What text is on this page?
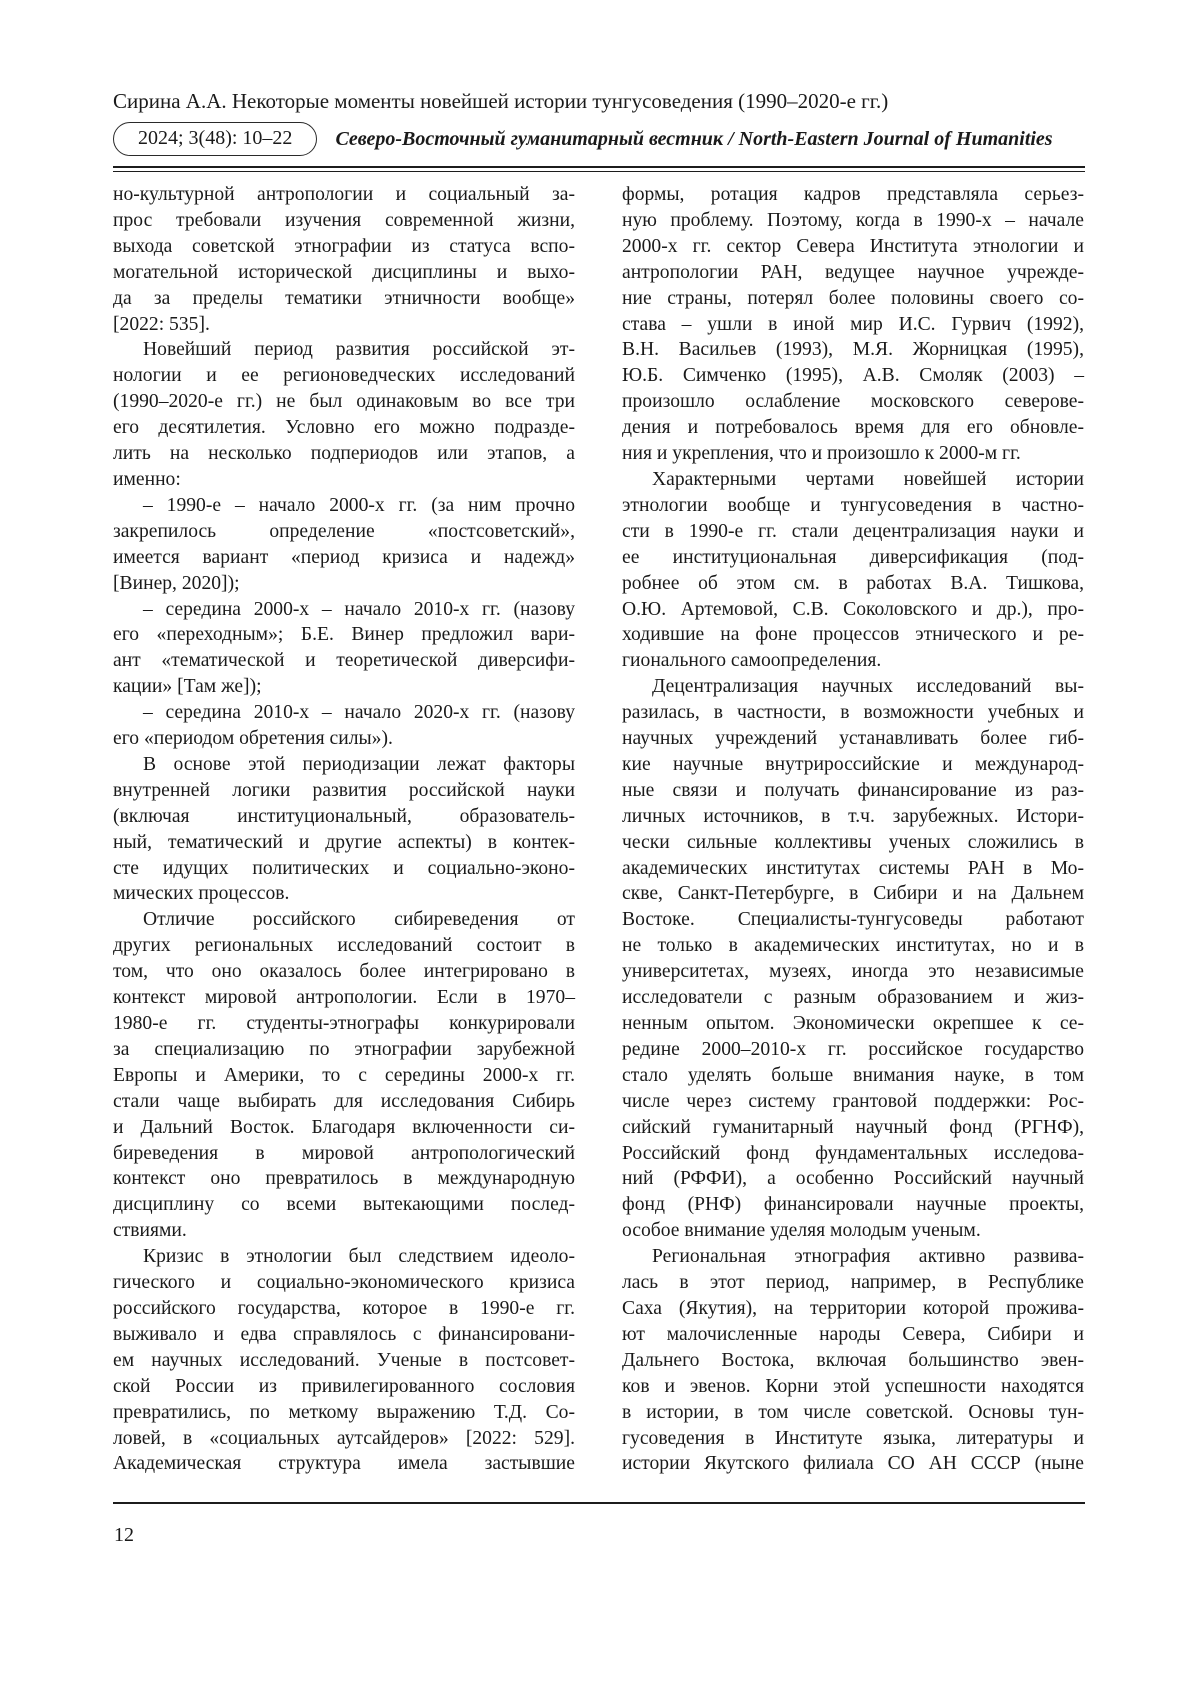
Сирина А.А. Некоторые моменты новейшей истории тунгусоведения (1990–2020-е гг.)
2024; 3(48): 10–22	Северо-Восточный гуманитарный вестник / North-Eastern Journal of Humanities
но-культурной антропологии и социальный за-
прос требовали изучения современной жизни,
выхода советской этнографии из статуса вспо-
могательной исторической дисциплины и выхо-
да за пределы тематики этничности вообще»
[2022: 535].
Новейший период развития российской эт-
нологии и ее регионоведческих исследований
(1990–2020-е гг.) не был одинаковым во все три
его десятилетия. Условно его можно подразде-
лить на несколько подпериодов или этапов, а
именно:
– 1990-е – начало 2000-х гг. (за ним прочно
закрепилось определение «постсоветский»,
имеется вариант «период кризиса и надежд»
[Винер, 2020]);
– середина 2000-х – начало 2010-х гг. (назову
его «переходным»; Б.Е. Винер предложил вари-
ант «тематической и теоретической диверсифи-
кации» [Там же]);
– середина 2010-х – начало 2020-х гг. (назову
его «периодом обретения силы»).
В основе этой периодизации лежат факторы
внутренней логики развития российской науки
(включая институциональный, образователь-
ный, тематический и другие аспекты) в контек-
сте идущих политических и социально-эконо-
мических процессов.
Отличие российского сибиреведения от
других региональных исследований состоит в
том, что оно оказалось более интегрировано в
контекст мировой антропологии. Если в 1970–
1980-е гг. студенты-этнографы конкурировали
за специализацию по этнографии зарубежной
Европы и Америки, то с середины 2000-х гг.
стали чаще выбирать для исследования Сибирь
и Дальний Восток. Благодаря включенности си-
биреведения в мировой антропологический
контекст оно превратилось в международную
дисциплину со всеми вытекающими послед-
ствиями.
Кризис в этнологии был следствием идеоло-
гического и социально-экономического кризиса
российского государства, которое в 1990-е гг.
выживало и едва справлялось с финансировани-
ем научных исследований. Ученые в постсовет-
ской России из привилегированного сословия
превратились, по меткому выражению Т.Д. Со-
ловей, в «социальных аутсайдеров» [2022: 529].
Академическая структура имела застывшие
формы, ротация кадров представляла серьез-
ную проблему. Поэтому, когда в 1990-х – начале
2000-х гг. сектор Севера Института этнологии и
антропологии РАН, ведущее научное учрежде-
ние страны, потерял более половины своего со-
става – ушли в иной мир И.С. Гурвич (1992),
В.Н. Васильев (1993), М.Я. Жорницкая (1995),
Ю.Б. Симченко (1995), А.В. Смоляк (2003) –
произошло ослабление московского северове-
дения и потребовалось время для его обновле-
ния и укрепления, что и произошло к 2000-м гг.
Характерными чертами новейшей истории
этнологии вообще и тунгусоведения в частно-
сти в 1990-е гг. стали децентрализация науки и
ее институциональная диверсификация (под-
робнее об этом см. в работах В.А. Тишкова,
О.Ю. Артемовой, С.В. Соколовского и др.), про-
ходившие на фоне процессов этнического и ре-
гионального самоопределения.
Децентрализация научных исследований вы-
разилась, в частности, в возможности учебных и
научных учреждений устанавливать более гиб-
кие научные внутрироссийские и международ-
ные связи и получать финансирование из раз-
личных источников, в т.ч. зарубежных. Истори-
чески сильные коллективы ученых сложились в
академических институтах системы РАН в Мо-
скве, Санкт-Петербурге, в Сибири и на Дальнем
Востоке. Специалисты-тунгусоведы работают
не только в академических институтах, но и в
университетах, музеях, иногда это независимые
исследователи с разным образованием и жиз-
ненным опытом. Экономически окрепшее к се-
редине 2000–2010-х гг. российское государство
стало уделять больше внимания науке, в том
числе через систему грантовой поддержки: Рос-
сийский гуманитарный научный фонд (РГНФ),
Российский фонд фундаментальных исследова-
ний (РФФИ), а особенно Российский научный
фонд (РНФ) финансировали научные проекты,
особое внимание уделяя молодым ученым.
Региональная этнография активно развива-
лась в этот период, например, в Республике
Саха (Якутия), на территории которой прожива-
ют малочисленные народы Севера, Сибири и
Дальнего Востока, включая большинство эвен-
ков и эвенов. Корни этой успешности находятся
в истории, в том числе советской. Основы тун-
гусоведения в Институте языка, литературы и
истории Якутского филиала СО АН СССР (ныне
12
